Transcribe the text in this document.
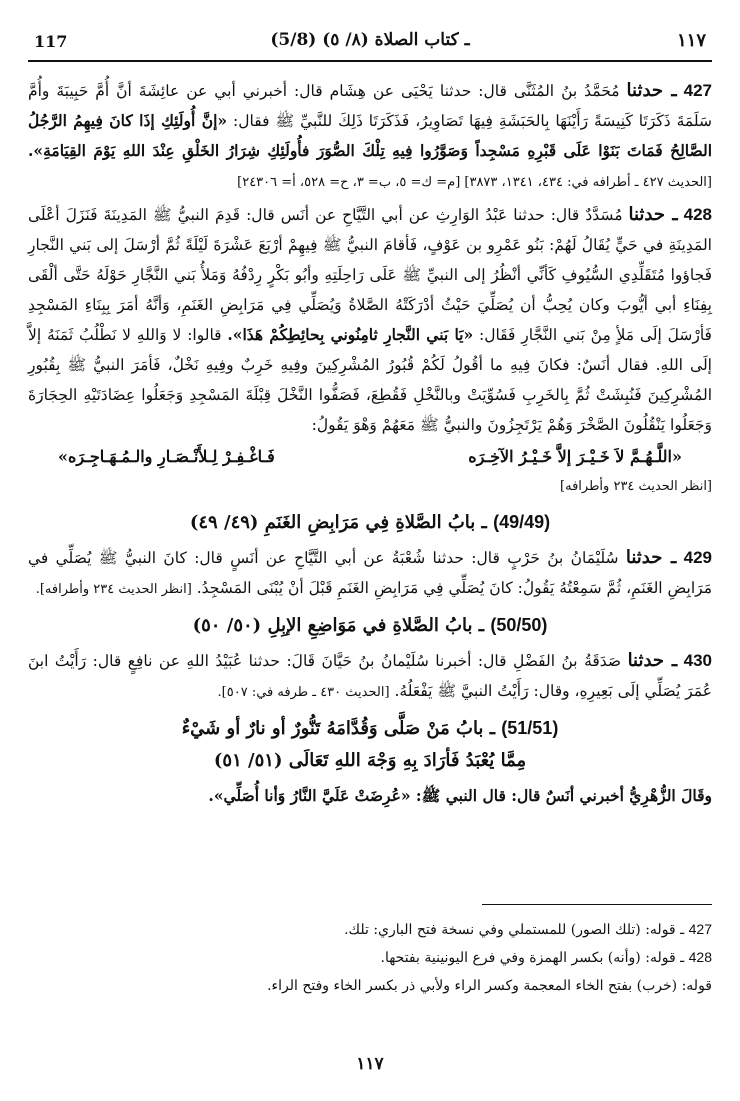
117	(5/8) ـ كتاب الصلاة (٨/ ٥)	١١٧

427 ـ حدثنا مُحَمَّدُ بنُ المُثَنَّى قال: حدثنا يَحْيَى عن هِشَام قال: أخبرني أبي عن عائِشَةَ أنَّ أُمَّ حَبِيبَةَ وأُمَّ سَلَمَةَ ذَكَرَتَا كَنِيسَةً رَأَيْنَهَا بِالحَبَشَةِ فِيهَا تَصَاوِيرُ، فَذَكَرَتَا ذَلِكَ للنَّبيِّ ﷺ فقال: «إنَّ أُولَئِكِ إذَا كانَ فِيهِمُ الرَّجُلُ الصَّالِحُ فَمَاتَ بَنَوْا عَلَى قَبْرِهِ مَسْجِداً وَصَوَّرُوا فِيهِ تِلْكَ الصُّوَرَ فأُولَئِكِ شِرَارُ الخَلْقِ عِنْدَ اللهِ يَوْمَ القِيَامَةِ». [الحديث ٤٢٧ ـ أطرافه في: ٤٣٤، ١٣٤١، ٣٨٧٣] [م= ك= ٥، ب= ٣، ح= ٥٢٨، أ= ٢٤٣٠٦]

428 ـ حدثنا مُسَدَّدٌ قال: حدثنا عَبْدُ الوَارِثِ عن أبي التَّيَّاحِ عن أنَس قال: قَدِمَ النبيُّ ﷺ المَدِينَةَ فَنَزَلَ أعْلَى المَدِينَةِ في حَيٍّ يُقَالُ لَهُمْ: بَنُو عَمْرِو بن عَوْفٍ، فَأقامَ النبيُّ ﷺ فِيهِمْ أرْبَعَ عَشْرَةَ لَيْلَةً ثُمَّ أرْسَلَ إلى بَني النَّجارِ فَجاؤوا مُتَقَلِّدِي السُّيُوفِ كَأنِّي أنْظُرُ إلى النبيِّ ﷺ عَلَى رَاحِلَتِهِ وأبُو بَكْرٍ رِدْفُهُ وَمَلأُ بَني النَّجَّارِ حَوْلَهُ حَتَّى ألْقَى بِفِنَاءِ أبي أيُّوبَ وكان يُحِبُّ أن يُصَلِّيَ حَيْثُ أدْرَكَتْهُ الصَّلاةُ وَيُصَلِّي فِي مَرَابِضِ الغَنَمِ، وَأنَّهُ أمَرَ بِبِنَاءِ المَسْجِدِ فَأرْسَلَ إلَى مَلأٍ مِنْ بَني النَّجَّارِ فَقَال: «يَا بَني النَّجارِ ثامِنُوني بِحائِطِكُمْ هَذَا». قالوا: لا وَاللهِ لا نَطْلُبُ ثَمَنَهُ إلاَّ إلَى اللهِ. فقال أنَسٌ: فكانَ فِيهِ ما أقُولُ لَكُمْ قُبُورُ المُشْرِكِينَ وفِيهِ خَرِبٌ وفِيهِ نَخْلٌ، فَأمَرَ النبيُّ ﷺ بِقُبُورِ المُشْرِكِينَ فَنُبِشَتْ ثُمَّ بِالخَرِبِ فَسُوِّيَتْ وبالنَّخْلِ فَقُطِعَ، فَصَفُّوا النَّخْلَ قِبْلَةَ المَسْجِدِ وَجَعَلُوا عِضَادَتَيْهِ الحِجَارَةَ وَجَعَلُوا يَنْقُلُونَ الصَّخْرَ وَهُمْ يَرْتَجِزُونَ والنبيُّ ﷺ مَعَهُمْ وَهْوَ يَقُولُ:

«اللَّـهُـمَّ لاَ خَـيْـرَ إلاَّ خَـيْـرُ الآخِـرَه
فَـاغْـفِـرْ لِـلأَنْـصَـارِ والـمُـهَـاجِـرَه»
[انظر الحديث ٢٣٤ وأطرافه]
(49/49) ـ بابُ الصَّلاةِ فِي مَرَابِضِ الغَنَمِ (٤٩/ ٤٩)

429 ـ حدثنا سُلَيْمَانُ بنُ حَرْبٍ قال: حدثنا شُعْبَةُ عن أبي التَّيَّاحِ عن أنَسٍ قال: كانَ النبيُّ ﷺ يُصَلِّي في مَرَابِضِ الغَنَمِ، ثُمَّ سَمِعْتُهُ يَقُولُ: كانَ يُصَلِّي فِي مَرَابِضِ الغَنَمِ قَبْلَ أنْ يُبْنَى المَسْجِدُ. [انظر الحديث ٢٣٤ وأطرافه].

(50/50) ـ بابُ الصَّلاةِ في مَوَاضِعِ الإبِلِ (٥٠/ ٥٠)

430 ـ حدثنا صَدَقَةُ بنُ الفَضْلِ قال: أخبرنا سُلَيْمانُ بنُ حَيَّانَ قَالَ: حدثنا عُبَيْدُ اللهِ عن نافِعٍ قال: رَأَيْتُ ابنَ عُمَرَ يُصَلِّي إلَى بَعِيرِهِ، وقال: رَأَيْتُ النبيَّ ﷺ يَفْعَلُهُ. [الحديث ٤٣٠ ـ طرفه في: ٥٠٧].

(51/51) ـ بابُ مَنْ صَلَّى وَقُدَّامَهُ تَنُّورٌ أو نارٌ أو شَيْءٌ
مِمَّا يُعْبَدُ فَأرَادَ بِهِ وَجْهَ اللهِ تَعَالَى (٥١/ ٥١)

وقَالَ الزُّهْرِيُّ أخبرني أنَسٌ قال: قال النبي ﷺ: «عُرِضَتْ عَلَيَّ النَّارُ وَأنا أُصَلِّي».

427 ـ قوله: (تلك الصور) للمستملي وفي نسخة فتح الباري: تلك.
428 ـ قوله: (وأنه) بكسر الهمزة وفي فرع اليونينية بفتحها.
قوله: (خرب) بفتح الخاء المعجمة وكسر الراء ولأبي ذر بكسر الخاء وفتح الراء.
١١٧
